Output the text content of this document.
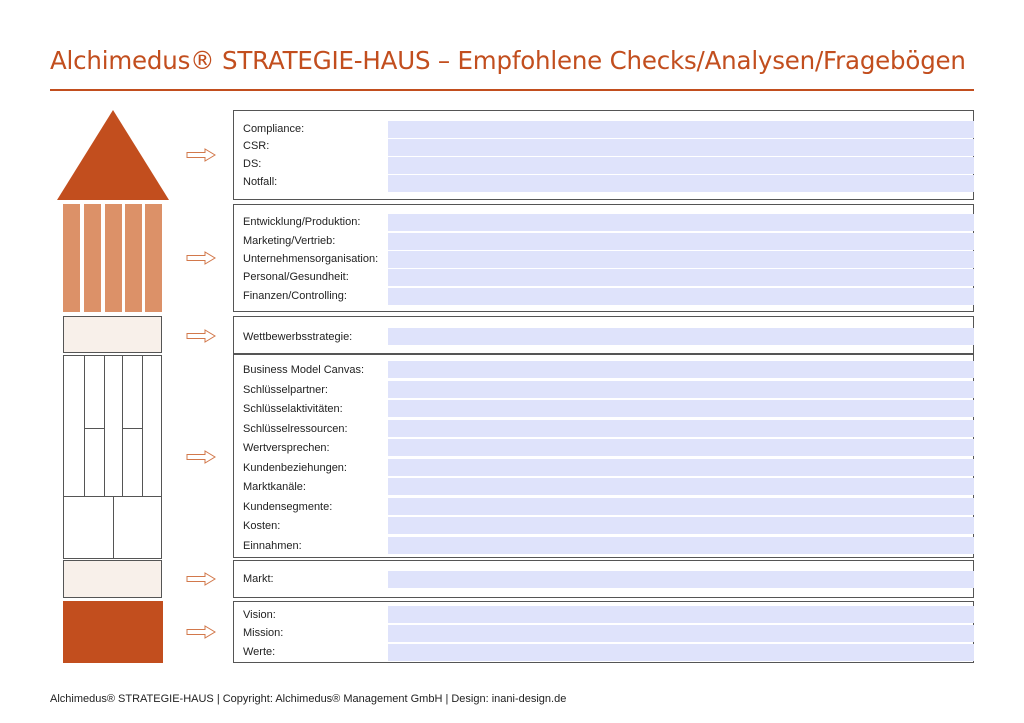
Alchimedus® STRATEGIE-HAUS – Empfohlene Checks/Analysen/Fragebögen
Compliance:
CSR:
DS:
Notfall:
Entwicklung/Produktion:
Marketing/Vertrieb:
Unternehmensorganisation:
Personal/Gesundheit:
Finanzen/Controlling:
Wettbewerbsstrategie:
Business Model Canvas:
Schlüsselpartner:
Schlüsselaktivitäten:
Schlüsselressourcen:
Wertversprechen:
Kundenbeziehungen:
Marktkanäle:
Kundensegmente:
Kosten:
Einnahmen:
Markt:
Vision:
Mission:
Werte:
Alchimedus® STRATEGIE-HAUS | Copyright: Alchimedus® Management GmbH | Design: inani-design.de
